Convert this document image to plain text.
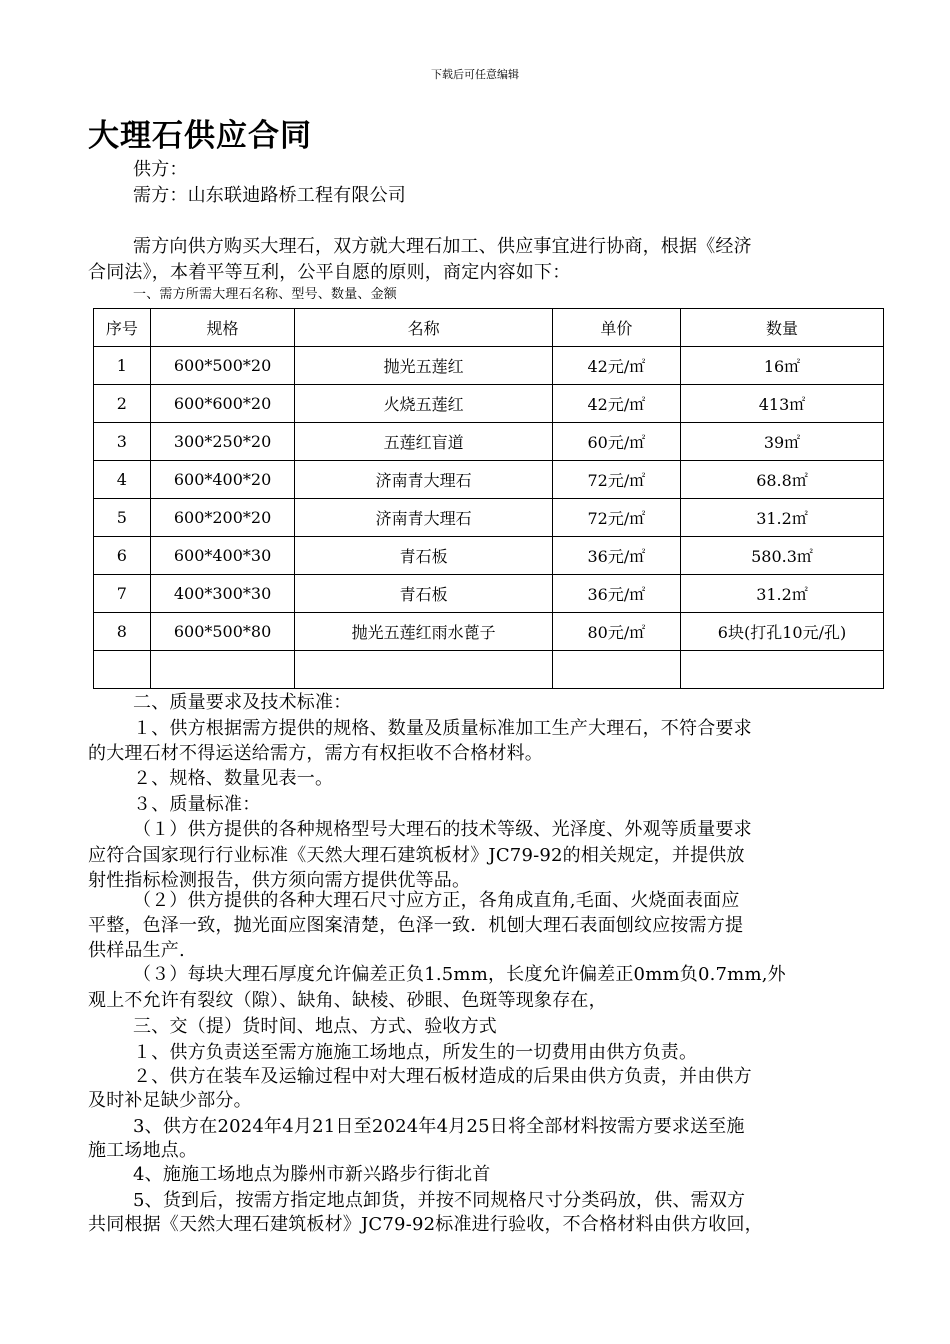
下载后可任意编辑
大理石供应合同
供方：
需方：山东联迪路桥工程有限公司
需方向供方购买大理石，双方就大理石加工、供应事宜进行协商，根据《经济
合同法》，本着平等互利，公平自愿的原则，商定内容如下：
一、需方所需大理石名称、型号、数量、金额
序号	规格	名称	单价	数量
1	600*500*20	抛光五莲红	42元/㎡	16㎡
2	600*600*20	火烧五莲红	42元/㎡	413㎡
3	300*250*20	五莲红盲道	60元/㎡	39㎡
4	600*400*20	济南青大理石	72元/㎡	68.8㎡
5	600*200*20	济南青大理石	72元/㎡	31.2㎡
6	600*400*30	青石板	36元/㎡	580.3㎡
7	400*300*30	青石板	36元/㎡	31.2㎡
8	600*500*80	抛光五莲红雨水蓖子	80元/㎡	6块(打孔10元/孔)

二、质量要求及技术标准：
１、供方根据需方提供的规格、数量及质量标准加工生产大理石，不符合要求
的大理石材不得运送给需方，需方有权拒收不合格材料。
２、规格、数量见表一。
３、质量标准：
（１）供方提供的各种规格型号大理石的技术等级、光泽度、外观等质量要求
应符合国家现行行业标准《天然大理石建筑板材》JC79-92的相关规定，并提供放
射性指标检测报告，供方须向需方提供优等品。
（２）供方提供的各种大理石尺寸应方正，各角成直角,毛面、火烧面表面应
平整，色泽一致，抛光面应图案清楚，色泽一致．机刨大理石表面刨纹应按需方提
供样品生产.
（３）每块大理石厚度允许偏差正负1.5mm，长度允许偏差正0mm负0.7mm,外
观上不允许有裂纹（隙）、缺角、缺棱、砂眼、色斑等现象存在，
三、交（提）货时间、地点、方式、验收方式
１、供方负责送至需方施施工场地点，所发生的一切费用由供方负责。
２、供方在装车及运输过程中对大理石板材造成的后果由供方负责，并由供方
及时补足缺少部分。
3、供方在2024年4月21日至2024年4月25日将全部材料按需方要求送至施
施工场地点。
4、施施工场地点为滕州市新兴路步行街北首
5、货到后，按需方指定地点卸货，并按不同规格尺寸分类码放，供、需双方
共同根据《天然大理石建筑板材》JC79-92标准进行验收，不合格材料由供方收回，
